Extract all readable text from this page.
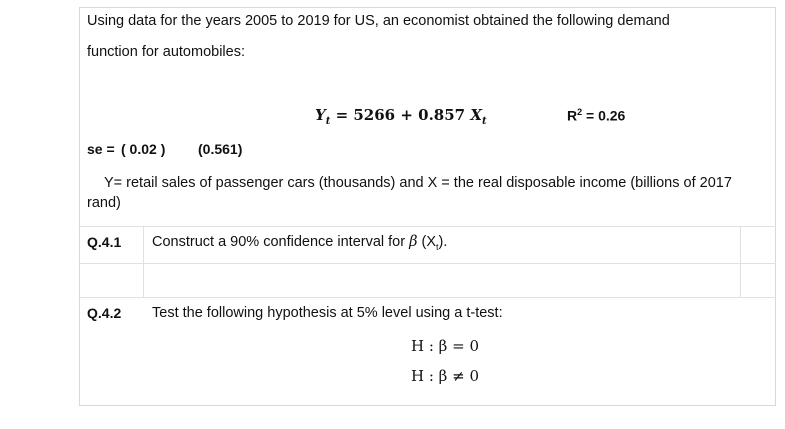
Using data for the years 2005 to 2019 for US, an economist obtained the following demand
function for automobiles:
$Y_t = 5266 + 0.857$ $X_t$	$R^2 = 0.26$
se = ( 0.02 ) (0.561)
Y= retail sales of passenger cars (thousands) and X = the real disposable income (billions of 2017
rand)
Q.4.1 Construct a 90% confidence interval for β $(X_t)$.
Q.4.2 Test the following hypothesis at 5% level using a t-test:
H : β = 0
H : β ≠ 0
